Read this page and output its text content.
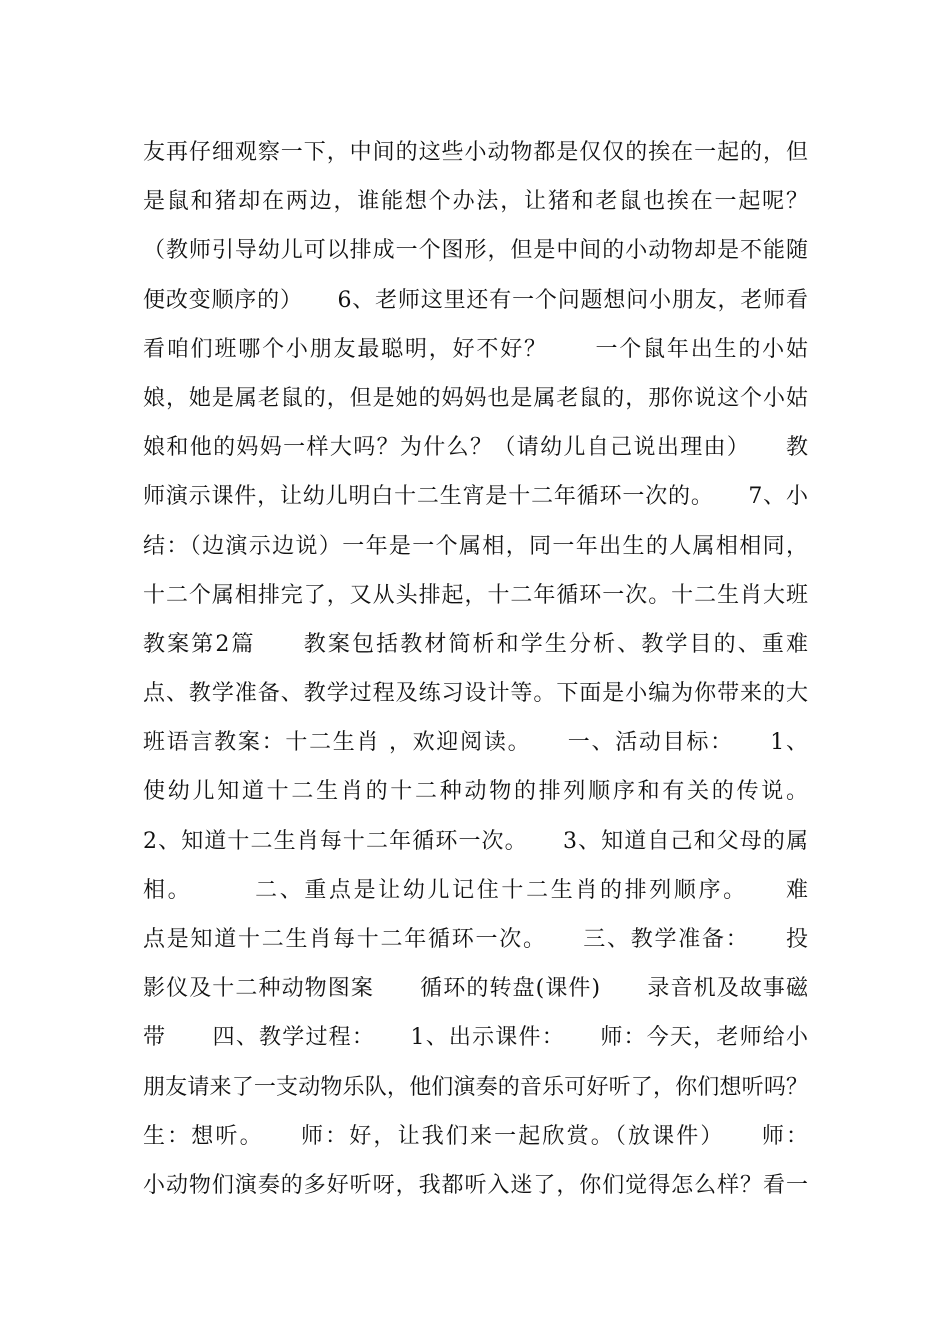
友再仔细观察一下，中间的这些小动物都是仅仅的挨在一起的，但
是鼠和猪却在两边，谁能想个办法，让猪和老鼠也挨在一起呢？
（教师引导幼儿可以排成一个图形，但是中间的小动物却是不能随
便改变顺序的）　　6、老师这里还有一个问题想问小朋友，老师看
看咱们班哪个小朋友最聪明，好不好？　　一个鼠年出生的小姑
娘，她是属老鼠的，但是她的妈妈也是属老鼠的，那你说这个小姑
娘和他的妈妈一样大吗？为什么？（请幼儿自己说出理由）　　教
师演示课件，让幼儿明白十二生宵是十二年循环一次的。　　7、小
结：（边演示边说）一年是一个属相，同一年出生的人属相相同，
十二个属相排完了，又从头排起，十二年循环一次。十二生肖大班
教案第2篇　　教案包括教材简析和学生分析、教学目的、重难
点、教学准备、教学过程及练习设计等。下面是小编为你带来的大
班语言教案：十二生肖 ，欢迎阅读。　　一、活动目标：　　1、
使幼儿知道十二生肖的十二种动物的排列顺序和有关的传说。
2、知道十二生肖每十二年循环一次。　　3、知道自己和父母的属
相。　　　二、重点是让幼儿记住十二生肖的排列顺序。　　难
点是知道十二生肖每十二年循环一次。　　三、教学准备：　　投
影仪及十二种动物图案　　循环的转盘(课件)　　录音机及故事磁
带　　四、教学过程：　　1、出示课件：　　师：今天，老师给小
朋友请来了一支动物乐队，他们演奏的音乐可好听了，你们想听吗？
生：想听。　　师：好，让我们来一起欣赏。（放课件）　　师：
小动物们演奏的多好听呀，我都听入迷了，你们觉得怎么样？看一
